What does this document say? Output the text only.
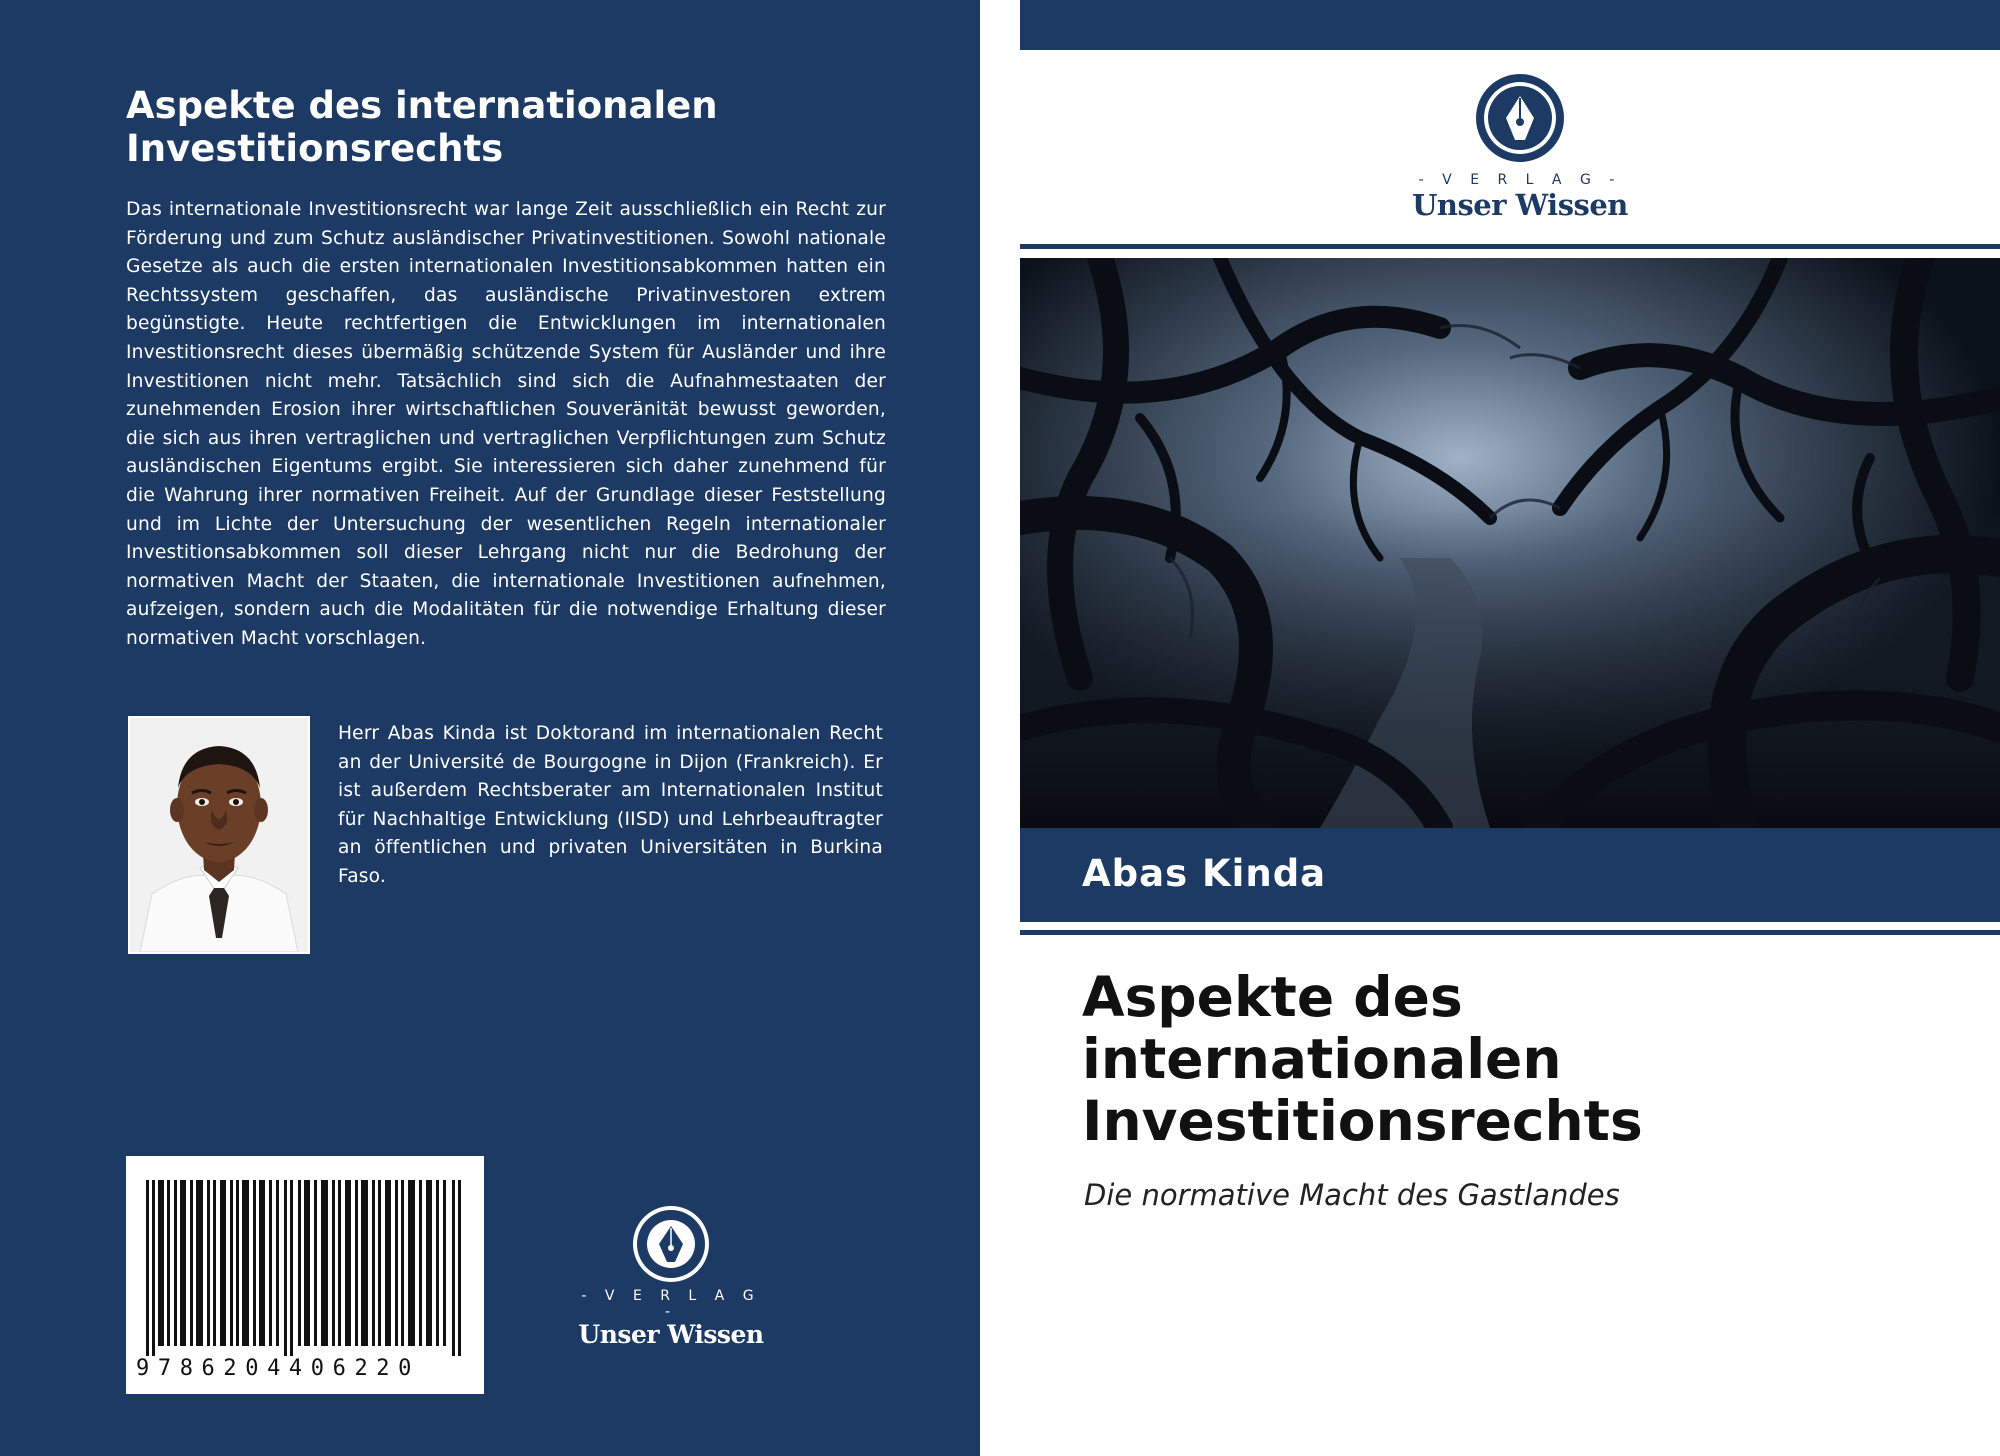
Aspekte des internationalen
Investitionsrechts

Das internationale Investitionsrecht war lange Zeit ausschließlich ein Recht zur Förderung und zum Schutz ausländischer Privatinvestitionen. Sowohl nationale Gesetze als auch die ersten internationalen Investitionsabkommen hatten ein Rechtssystem geschaffen, das ausländische Privatinvestoren extrem begünstigte. Heute rechtfertigen die Entwicklungen im internationalen Investitionsrecht dieses übermäßig schützende System für Ausländer und ihre Investitionen nicht mehr. Tatsächlich sind sich die Aufnahmestaaten der zunehmenden Erosion ihrer wirtschaftlichen Souveränität bewusst geworden, die sich aus ihren vertraglichen und vertraglichen Verpflichtungen zum Schutz ausländischen Eigentums ergibt. Sie interessieren sich daher zunehmend für die Wahrung ihrer normativen Freiheit. Auf der Grundlage dieser Feststellung und im Lichte der Untersuchung der wesentlichen Regeln internationaler Investitionsabkommen soll dieser Lehrgang nicht nur die Bedrohung der normativen Macht der Staaten, die internationale Investitionen aufnehmen, aufzeigen, sondern auch die Modalitäten für die notwendige Erhaltung dieser normativen Macht vorschlagen.

Herr Abas Kinda ist Doktorand im internationalen Recht an der Université de Bourgogne in Dijon (Frankreich). Er ist außerdem Rechtsberater am Internationalen Institut für Nachhaltige Entwicklung (IISD) und Lehrbeauftragter an öffentlichen und privaten Universitäten in Burkina Faso.

9786204406220
- V E R L A G -
Unser Wissen
- V E R L A G -
Unser Wissen
Abas Kinda
Aspekte des
internationalen
Investitionsrechts

Die normative Macht des Gastlandes
